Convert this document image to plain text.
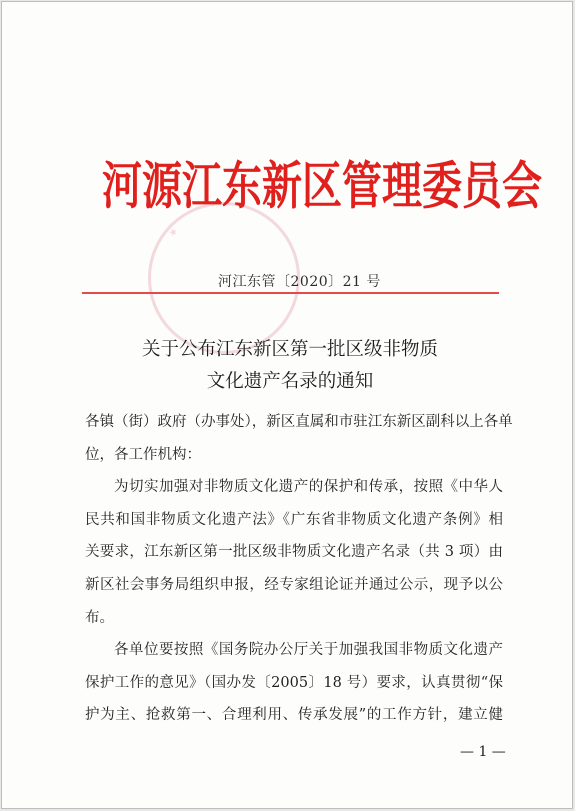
★
河源江东新区管理委员会
河江东管〔2020〕21 号
关于公布江东新区第一批区级非物质
文化遗产名录的通知

各镇（街）政府（办事处），新区直属和市驻江东新区副科以上各单
位，各工作机构：

为切实加强对非物质文化遗产的保护和传承，按照《中华人
民共和国非物质文化遗产法》《广东省非物质文化遗产条例》相
关要求，江东新区第一批区级非物质文化遗产名录（共 3 项）由
新区社会事务局组织申报，经专家组论证并通过公示，现予以公
布。

各单位要按照《国务院办公厅关于加强我国非物质文化遗产
保护工作的意见》（国办发〔2005〕18 号）要求，认真贯彻“保
护为主、抢救第一、合理利用、传承发展”的工作方针，建立健

— 1 —
